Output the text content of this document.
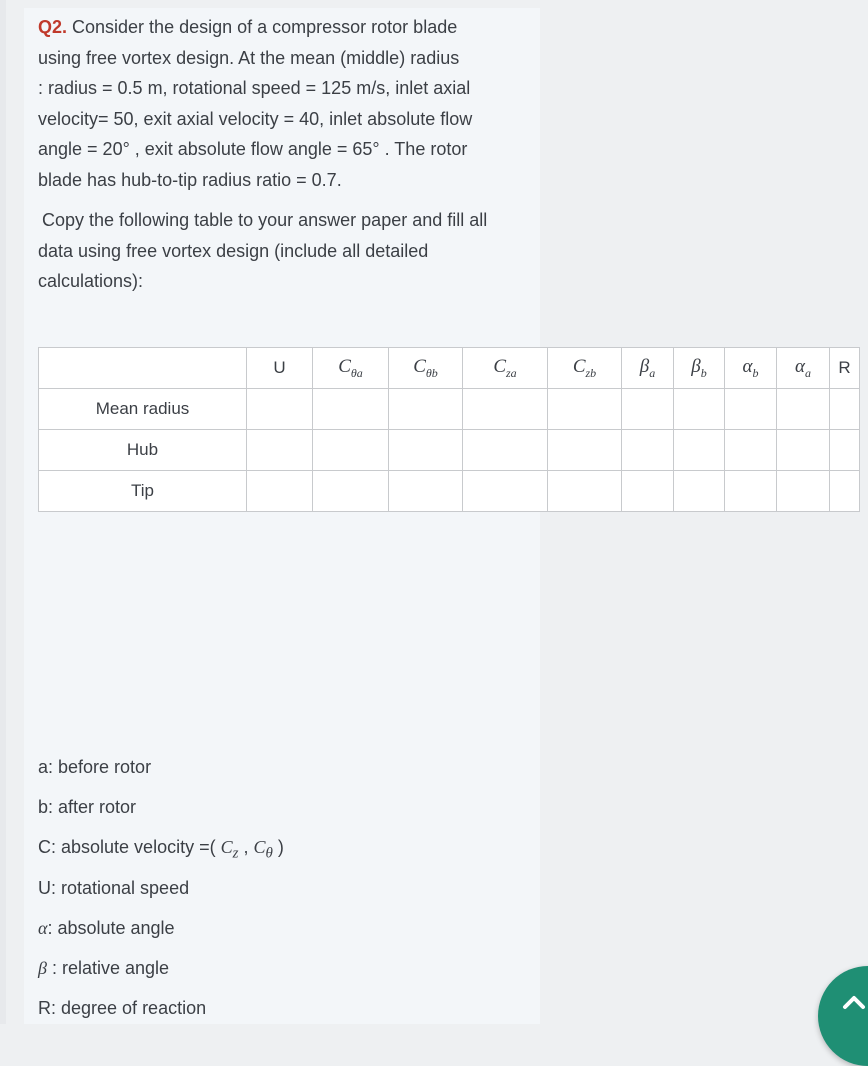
Q2. Consider the design of a compressor rotor blade
using free vortex design. At the mean (middle) radius
: radius = 0.5 m, rotational speed = 125 m/s, inlet axial
velocity= 50, exit axial velocity = 40, inlet absolute flow
angle = 20° , exit absolute flow angle = 65° . The rotor
blade has hub-to-tip radius ratio = 0.7.
Copy the following table to your answer paper and fill all
data using free vortex design (include all detailed
calculations):
	U	$C_{\theta a}$	$C_{\theta b}$	$C_{za}$	$C_{zb}$	$\beta_a$	$\beta_b$	$\alpha_b$	$\alpha_a$	R
Mean radius										
Hub										
Tip										
a: before rotor
b: after rotor
C: absolute velocity =( $C_z$ , $C_\theta$ )
U: rotational speed
α: absolute angle
β : relative angle
R: degree of reaction
